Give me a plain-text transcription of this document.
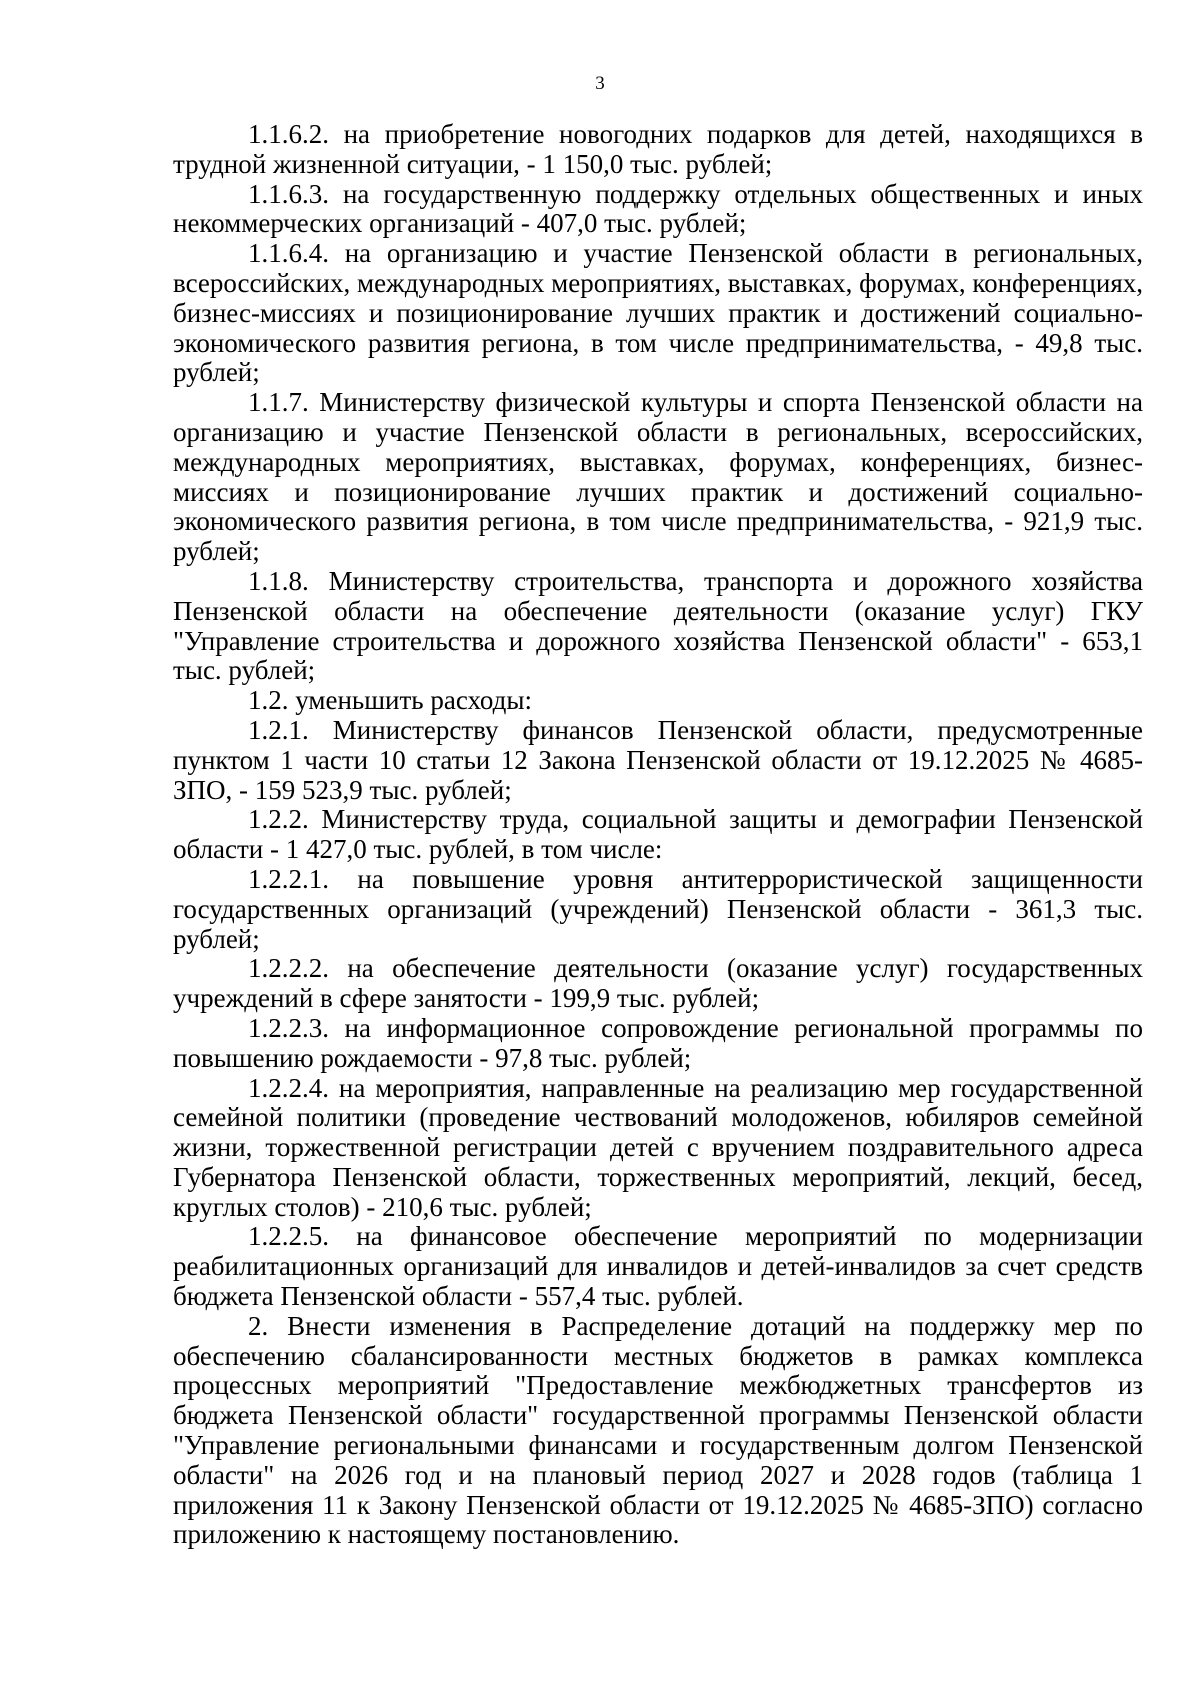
3

1.1.6.2. на приобретение новогодних подарков для детей, находящихся в трудной жизненной ситуации, - 1 150,0 тыс. рублей;

1.1.6.3. на государственную поддержку отдельных общественных и иных некоммерческих организаций - 407,0 тыс. рублей;

1.1.6.4. на организацию и участие Пензенской области в региональных, всероссийских, международных мероприятиях, выставках, форумах, конференциях, бизнес-миссиях и позиционирование лучших практик и достижений социально-экономического развития региона, в том числе предпринимательства, - 49,8 тыс. рублей;

1.1.7. Министерству физической культуры и спорта Пензенской области на организацию и участие Пензенской области в региональных, всероссийских, международных мероприятиях, выставках, форумах, конференциях, бизнес-миссиях и позиционирование лучших практик и достижений социально-экономического развития региона, в том числе предпринимательства, - 921,9 тыс. рублей;

1.1.8. Министерству строительства, транспорта и дорожного хозяйства Пензенской области на обеспечение деятельности (оказание услуг) ГКУ "Управление строительства и дорожного хозяйства Пензенской области" - 653,1 тыс. рублей;

1.2. уменьшить расходы:

1.2.1. Министерству финансов Пензенской области, предусмотренные пунктом 1 части 10 статьи 12 Закона Пензенской области от 19.12.2025 № 4685-ЗПО, - 159 523,9 тыс. рублей;

1.2.2. Министерству труда, социальной защиты и демографии Пензенской области - 1 427,0 тыс. рублей, в том числе:

1.2.2.1. на повышение уровня антитеррористической защищенности государственных организаций (учреждений) Пензенской области - 361,3 тыс. рублей;

1.2.2.2. на обеспечение деятельности (оказание услуг) государственных учреждений в сфере занятости - 199,9 тыс. рублей;

1.2.2.3. на информационное сопровождение региональной программы по повышению рождаемости - 97,8 тыс. рублей;

1.2.2.4. на мероприятия, направленные на реализацию мер государственной семейной политики (проведение чествований молодоженов, юбиляров семейной жизни, торжественной регистрации детей с вручением поздравительного адреса Губернатора Пензенской области, торжественных мероприятий, лекций, бесед, круглых столов) - 210,6 тыс. рублей;

1.2.2.5. на финансовое обеспечение мероприятий по модернизации реабилитационных организаций для инвалидов и детей-инвалидов за счет средств бюджета Пензенской области - 557,4 тыс. рублей.

2. Внести изменения в Распределение дотаций на поддержку мер по обеспечению сбалансированности местных бюджетов в рамках комплекса процессных мероприятий "Предоставление межбюджетных трансфертов из бюджета Пензенской области" государственной программы Пензенской области "Управление региональными финансами и государственным долгом Пензенской области" на 2026 год и на плановый период 2027 и 2028 годов (таблица 1 приложения 11 к Закону Пензенской области от 19.12.2025 № 4685-ЗПО) согласно приложению к настоящему постановлению.
